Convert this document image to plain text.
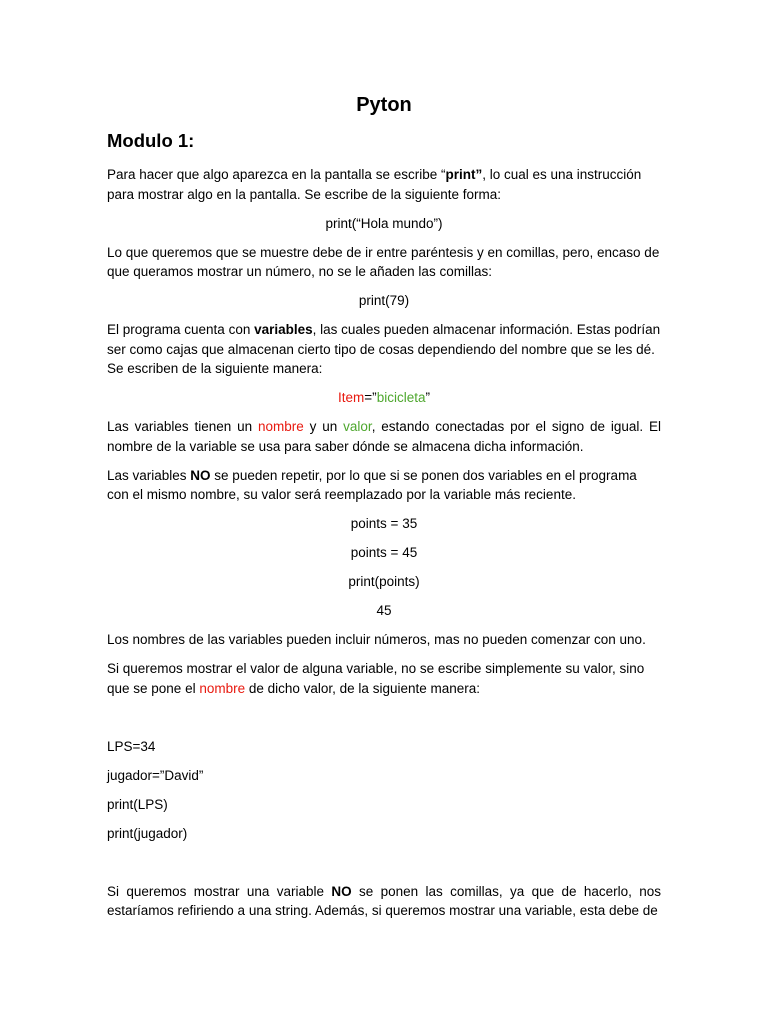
Pyton
Modulo 1:
Para hacer que algo aparezca en la pantalla se escribe “print”, lo cual es una instrucción para mostrar algo en la pantalla. Se escribe de la siguiente forma:
print(“Hola mundo”)
Lo que queremos que se muestre debe de ir entre paréntesis y en comillas, pero, encaso de que queramos mostrar un número, no se le añaden las comillas:
print(79)
El programa cuenta con variables, las cuales pueden almacenar información. Estas podrían ser como cajas que almacenan cierto tipo de cosas dependiendo del nombre que se les dé. Se escriben de la siguiente manera:
Item=”bicicleta”
Las variables tienen un nombre y un valor, estando conectadas por el signo de igual. El nombre de la variable se usa para saber dónde se almacena dicha información.
Las variables NO se pueden repetir, por lo que si se ponen dos variables en el programa con el mismo nombre, su valor será reemplazado por la variable más reciente.
points = 35
points = 45
print(points)
45
Los nombres de las variables pueden incluir números, mas no pueden comenzar con uno.
Si queremos mostrar el valor de alguna variable, no se escribe simplemente su valor, sino que se pone el nombre de dicho valor, de la siguiente manera:
LPS=34
jugador=”David”
print(LPS)
print(jugador)
Si queremos mostrar una variable NO se ponen las comillas, ya que de hacerlo, nos estaríamos refiriendo a una string. Además, si queremos mostrar una variable, esta debe de
